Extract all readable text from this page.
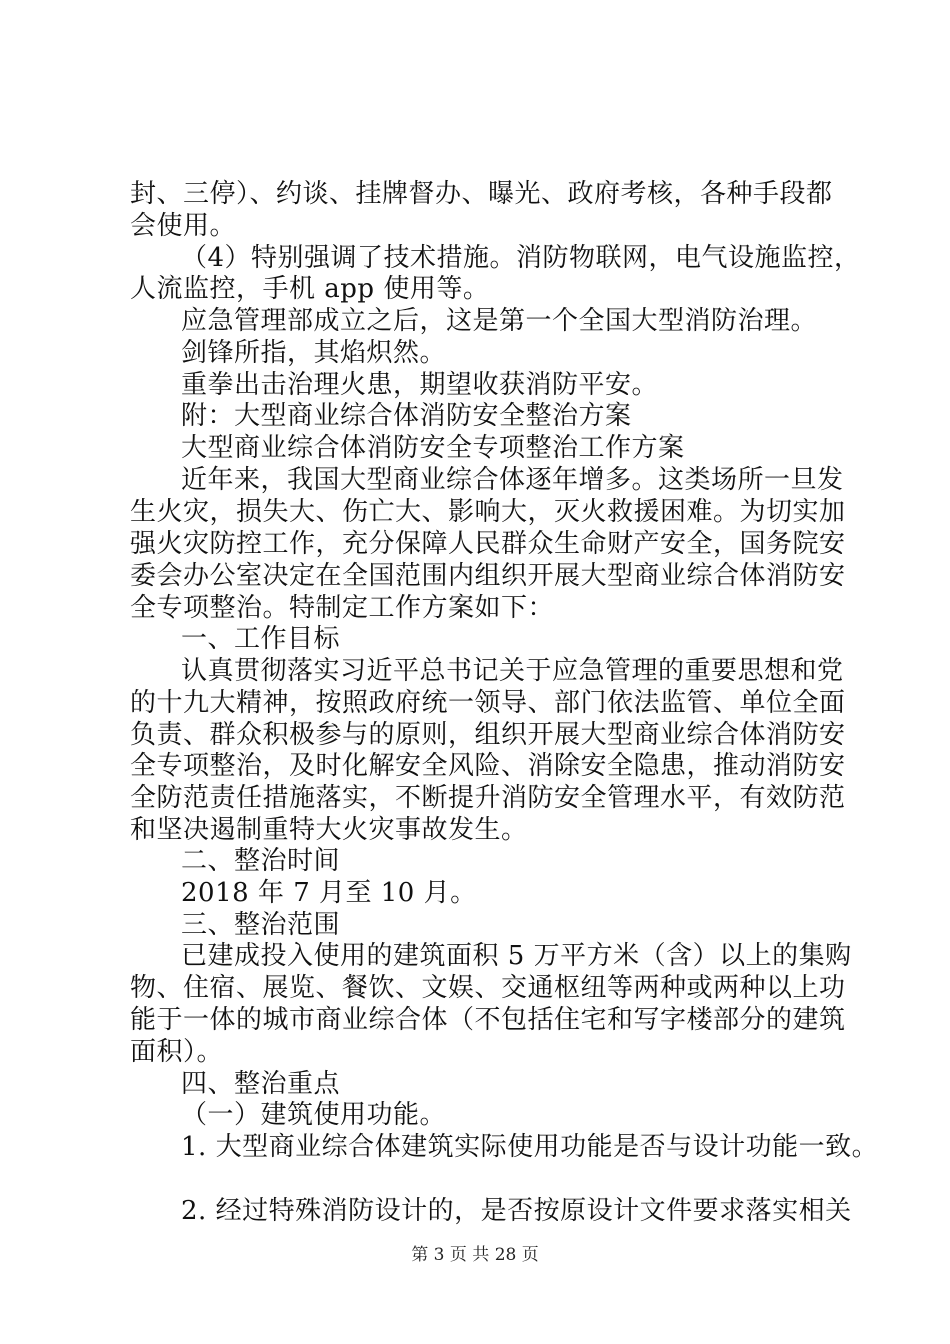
封、三停）、约谈、挂牌督办、曝光、政府考核，各种手段都
会使用。
（4）特别强调了技术措施。消防物联网，电气设施监控，
人流监控，手机 app 使用等。
应急管理部成立之后，这是第一个全国大型消防治理。
剑锋所指，其焰炽然。
重拳出击治理火患，期望收获消防平安。
附：大型商业综合体消防安全整治方案
大型商业综合体消防安全专项整治工作方案
近年来，我国大型商业综合体逐年增多。这类场所一旦发
生火灾，损失大、伤亡大、影响大，灭火救援困难。为切实加
强火灾防控工作，充分保障人民群众生命财产安全，国务院安
委会办公室决定在全国范围内组织开展大型商业综合体消防安
全专项整治。特制定工作方案如下：
一、工作目标
认真贯彻落实习近平总书记关于应急管理的重要思想和党
的十九大精神，按照政府统一领导、部门依法监管、单位全面
负责、群众积极参与的原则，组织开展大型商业综合体消防安
全专项整治，及时化解安全风险、消除安全隐患，推动消防安
全防范责任措施落实，不断提升消防安全管理水平，有效防范
和坚决遏制重特大火灾事故发生。
二、整治时间
2018 年 7 月至 10 月。
三、整治范围
已建成投入使用的建筑面积 5 万平方米（含）以上的集购
物、住宿、展览、餐饮、文娱、交通枢纽等两种或两种以上功
能于一体的城市商业综合体（不包括住宅和写字楼部分的建筑
面积）。
四、整治重点
（一）建筑使用功能。
1. 大型商业综合体建筑实际使用功能是否与设计功能一致。
2. 经过特殊消防设计的，是否按原设计文件要求落实相关
第 3 页 共 28 页
